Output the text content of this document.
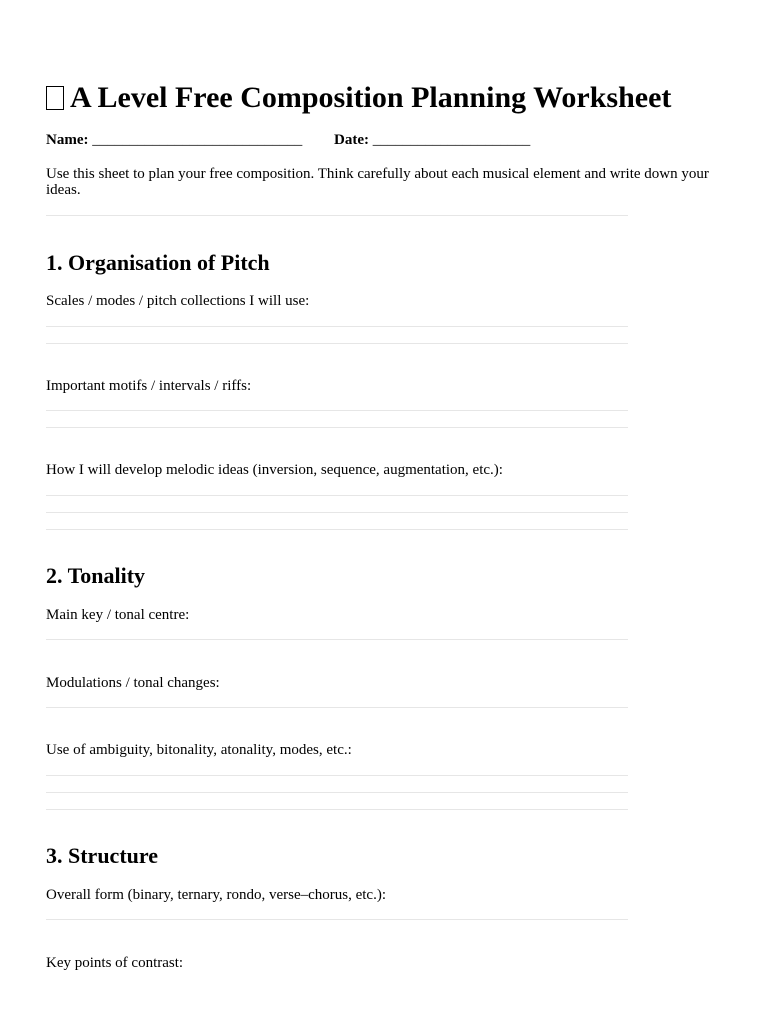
A Level Free Composition Planning Worksheet
Name: ____________________________ Date: _____________________

Use this sheet to plan your free composition. Think carefully about each musical element and write down your ideas.

1. Organisation of Pitch

Scales / modes / pitch collections I will use:

Important motifs / intervals / riffs:

How I will develop melodic ideas (inversion, sequence, augmentation, etc.):

2. Tonality

Main key / tonal centre:

Modulations / tonal changes:

Use of ambiguity, bitonality, atonality, modes, etc.:

3. Structure

Overall form (binary, ternary, rondo, verse–chorus, etc.):

Key points of contrast:
